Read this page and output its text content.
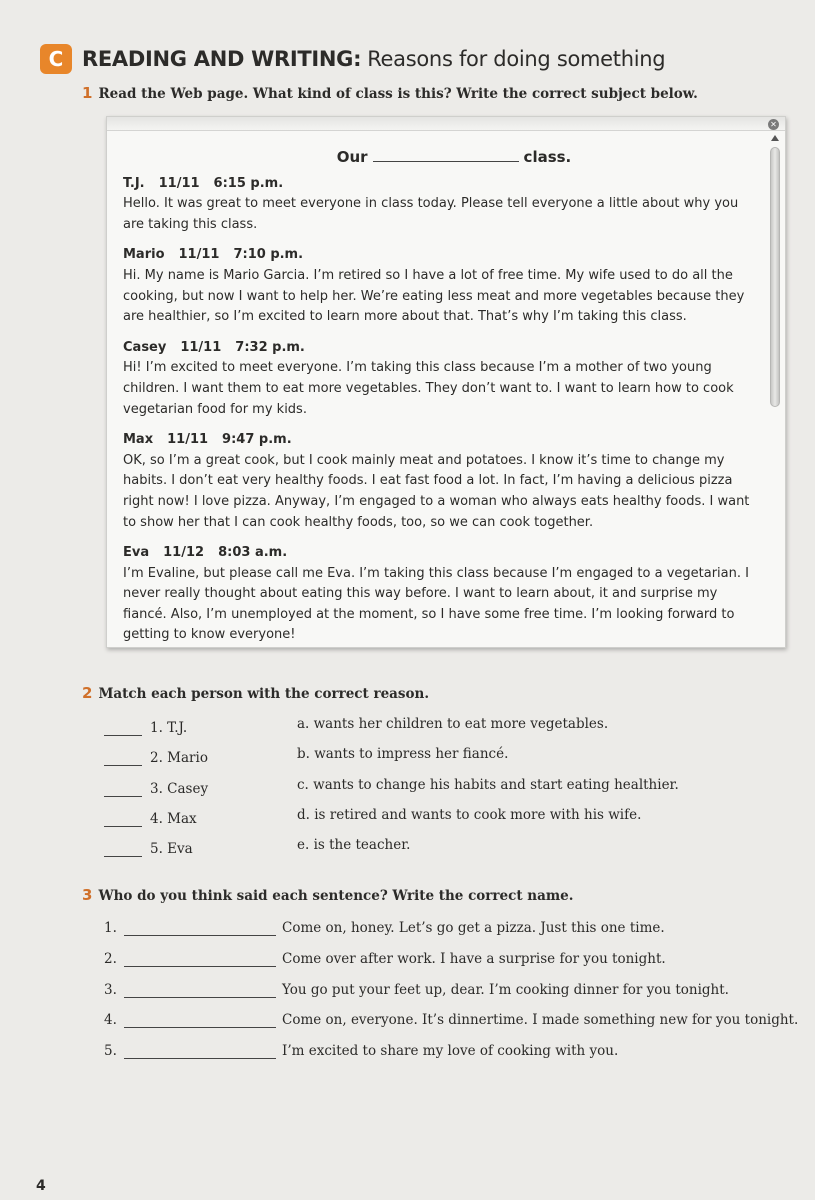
C READING AND WRITING: Reasons for doing something
1 Read the Web page. What kind of class is this? Write the correct subject below.
✕
Our	class.
T.J. 11/11 6:15 p.m.
Hello. It was great to meet everyone in class today. Please tell everyone a little about why you are taking this class.
Mario 11/11 7:10 p.m.
Hi. My name is Mario Garcia. I’m retired so I have a lot of free time. My wife used to do all the cooking, but now I want to help her. We’re eating less meat and more vegetables because they are healthier, so I’m excited to learn more about that. That’s why I’m taking this class.
Casey 11/11 7:32 p.m.
Hi! I’m excited to meet everyone. I’m taking this class because I’m a mother of two young children. I want them to eat more vegetables. They don’t want to. I want to learn how to cook vegetarian food for my kids.
Max 11/11 9:47 p.m.
OK, so I’m a great cook, but I cook mainly meat and potatoes. I know it’s time to change my habits. I don’t eat very healthy foods. I eat fast food a lot. In fact, I’m having a delicious pizza right now! I love pizza. Anyway, I’m engaged to a woman who always eats healthy foods. I want to show her that I can cook healthy foods, too, so we can cook together.
Eva 11/12 8:03 a.m.
I’m Evaline, but please call me Eva. I’m taking this class because I’m engaged to a vegetarian. I never really thought about eating this way before. I want to learn about, it and surprise my fiancé. Also, I’m unemployed at the moment, so I have some free time. I’m looking forward to getting to know everyone!
2 Match each person with the correct reason.
1. T.J.	a. wants her children to eat more vegetables.
2. Mario	b. wants to impress her fiancé.
3. Casey	c. wants to change his habits and start eating healthier.
4. Max	d. is retired and wants to cook more with his wife.
5. Eva	e. is the teacher.
3 Who do you think said each sentence? Write the correct name.
1.	Come on, honey. Let’s go get a pizza. Just this one time.
2.	Come over after work. I have a surprise for you tonight.
3.	You go put your feet up, dear. I’m cooking dinner for you tonight.
4.	Come on, everyone. It’s dinnertime. I made something new for you tonight.
5.	I’m excited to share my love of cooking with you.
4
